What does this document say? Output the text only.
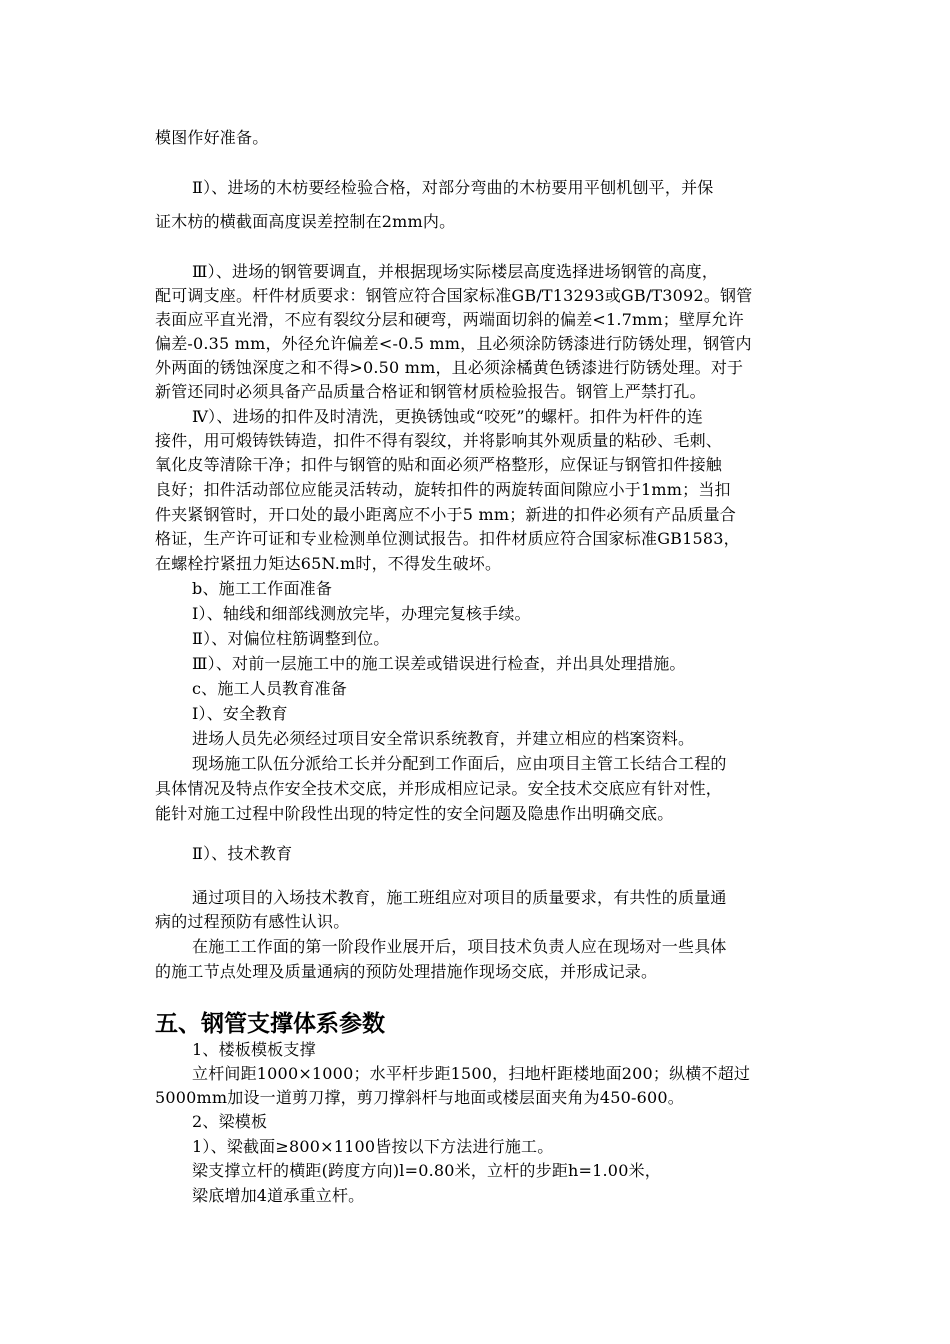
模图作好准备。
Ⅱ）、进场的木枋要经检验合格，对部分弯曲的木枋要用平刨机刨平，并保
证木枋的横截面高度误差控制在2mm内。
Ⅲ）、进场的钢管要调直，并根据现场实际楼层高度选择进场钢管的高度，
配可调支座。杆件材质要求：钢管应符合国家标准GB/T13293或GB/T3092。钢管
表面应平直光滑，不应有裂纹分层和硬弯，两端面切斜的偏差<1.7mm；壁厚允许
偏差-0.35 mm，外径允许偏差<-0.5 mm，且必须涂防锈漆进行防锈处理，钢管内
外两面的锈蚀深度之和不得>0.50 mm，且必须涂橘黄色锈漆进行防锈处理。对于
新管还同时必须具备产品质量合格证和钢管材质检验报告。钢管上严禁打孔。
Ⅳ）、进场的扣件及时清洗，更换锈蚀或“咬死”的螺杆。扣件为杆件的连
接件，用可煅铸铁铸造，扣件不得有裂纹，并将影响其外观质量的粘砂、毛刺、
氧化皮等清除干净；扣件与钢管的贴和面必须严格整形，应保证与钢管扣件接触
良好；扣件活动部位应能灵活转动，旋转扣件的两旋转面间隙应小于1mm；当扣
件夹紧钢管时，开口处的最小距离应不小于5 mm；新进的扣件必须有产品质量合
格证，生产许可证和专业检测单位测试报告。扣件材质应符合国家标准GB1583，
在螺栓拧紧扭力矩达65N.m时，不得发生破坏。
b、施工工作面准备
Ⅰ）、轴线和细部线测放完毕，办理完复核手续。
Ⅱ）、对偏位柱筋调整到位。
Ⅲ）、对前一层施工中的施工误差或错误进行检查，并出具处理措施。
c、施工人员教育准备
Ⅰ）、安全教育
进场人员先必须经过项目安全常识系统教育，并建立相应的档案资料。
现场施工队伍分派给工长并分配到工作面后，应由项目主管工长结合工程的
具体情况及特点作安全技术交底，并形成相应记录。安全技术交底应有针对性，
能针对施工过程中阶段性出现的特定性的安全问题及隐患作出明确交底。
Ⅱ）、技术教育
通过项目的入场技术教育，施工班组应对项目的质量要求，有共性的质量通
病的过程预防有感性认识。
在施工工作面的第一阶段作业展开后，项目技术负责人应在现场对一些具体
的施工节点处理及质量通病的预防处理措施作现场交底，并形成记录。
五、钢管支撑体系参数
1、楼板模板支撑
立杆间距1000×1000；水平杆步距1500，扫地杆距楼地面200；纵横不超过
5000mm加设一道剪刀撑，剪刀撑斜杆与地面或楼层面夹角为450-600。
2、梁模板
1）、梁截面≥800×1100皆按以下方法进行施工。
梁支撑立杆的横距(跨度方向)l=0.80米，立杆的步距h=1.00米，
梁底增加4道承重立杆。
